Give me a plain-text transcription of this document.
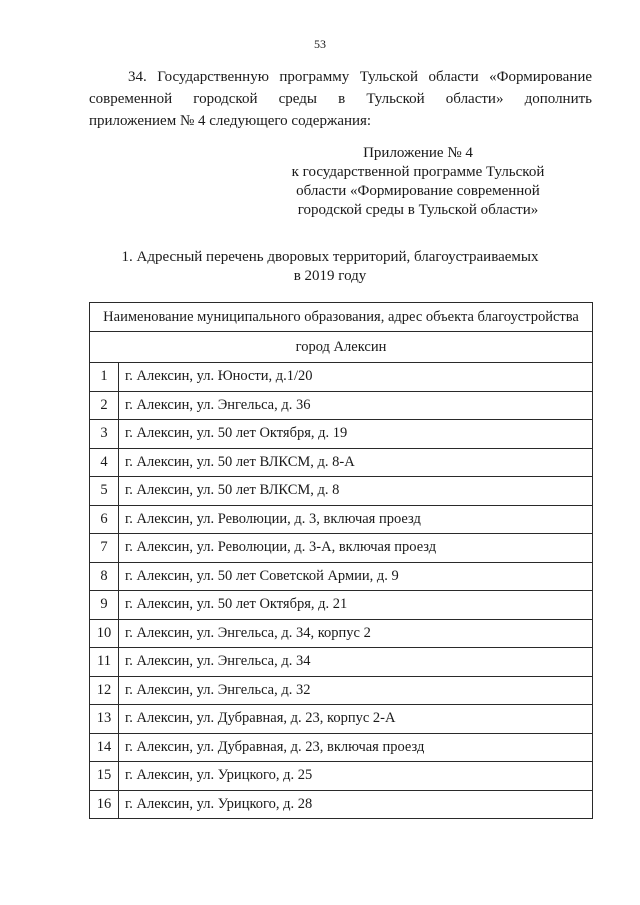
53
34. Государственную программу Тульской области «Формирование
современной городской среды в Тульской области» дополнить
приложением № 4 следующего содержания:
Приложение № 4
к государственной программе Тульской
области «Формирование современной
городской среды в Тульской области»
1. Адресный перечень дворовых территорий, благоустраиваемых
в 2019 году
Наименование муниципального образования, адрес объекта благоустройства	
город Алексин	
1	г. Алексин, ул. Юности, д.1/20
2	г. Алексин, ул. Энгельса, д. 36
3	г. Алексин, ул. 50 лет Октября, д. 19
4	г. Алексин, ул. 50 лет ВЛКСМ, д. 8-А
5	г. Алексин, ул. 50 лет ВЛКСМ, д. 8
6	г. Алексин, ул. Революции, д. 3, включая проезд
7	г. Алексин, ул. Революции, д. 3-А, включая проезд
8	г. Алексин, ул. 50 лет Советской Армии, д. 9
9	г. Алексин, ул. 50 лет Октября, д. 21
10	г. Алексин, ул. Энгельса, д. 34, корпус 2
11	г. Алексин, ул. Энгельса, д. 34
12	г. Алексин, ул. Энгельса, д. 32
13	г. Алексин, ул. Дубравная, д. 23, корпус 2-А
14	г. Алексин, ул. Дубравная, д. 23, включая проезд
15	г. Алексин, ул. Урицкого, д. 25
16	г. Алексин, ул. Урицкого, д. 28
